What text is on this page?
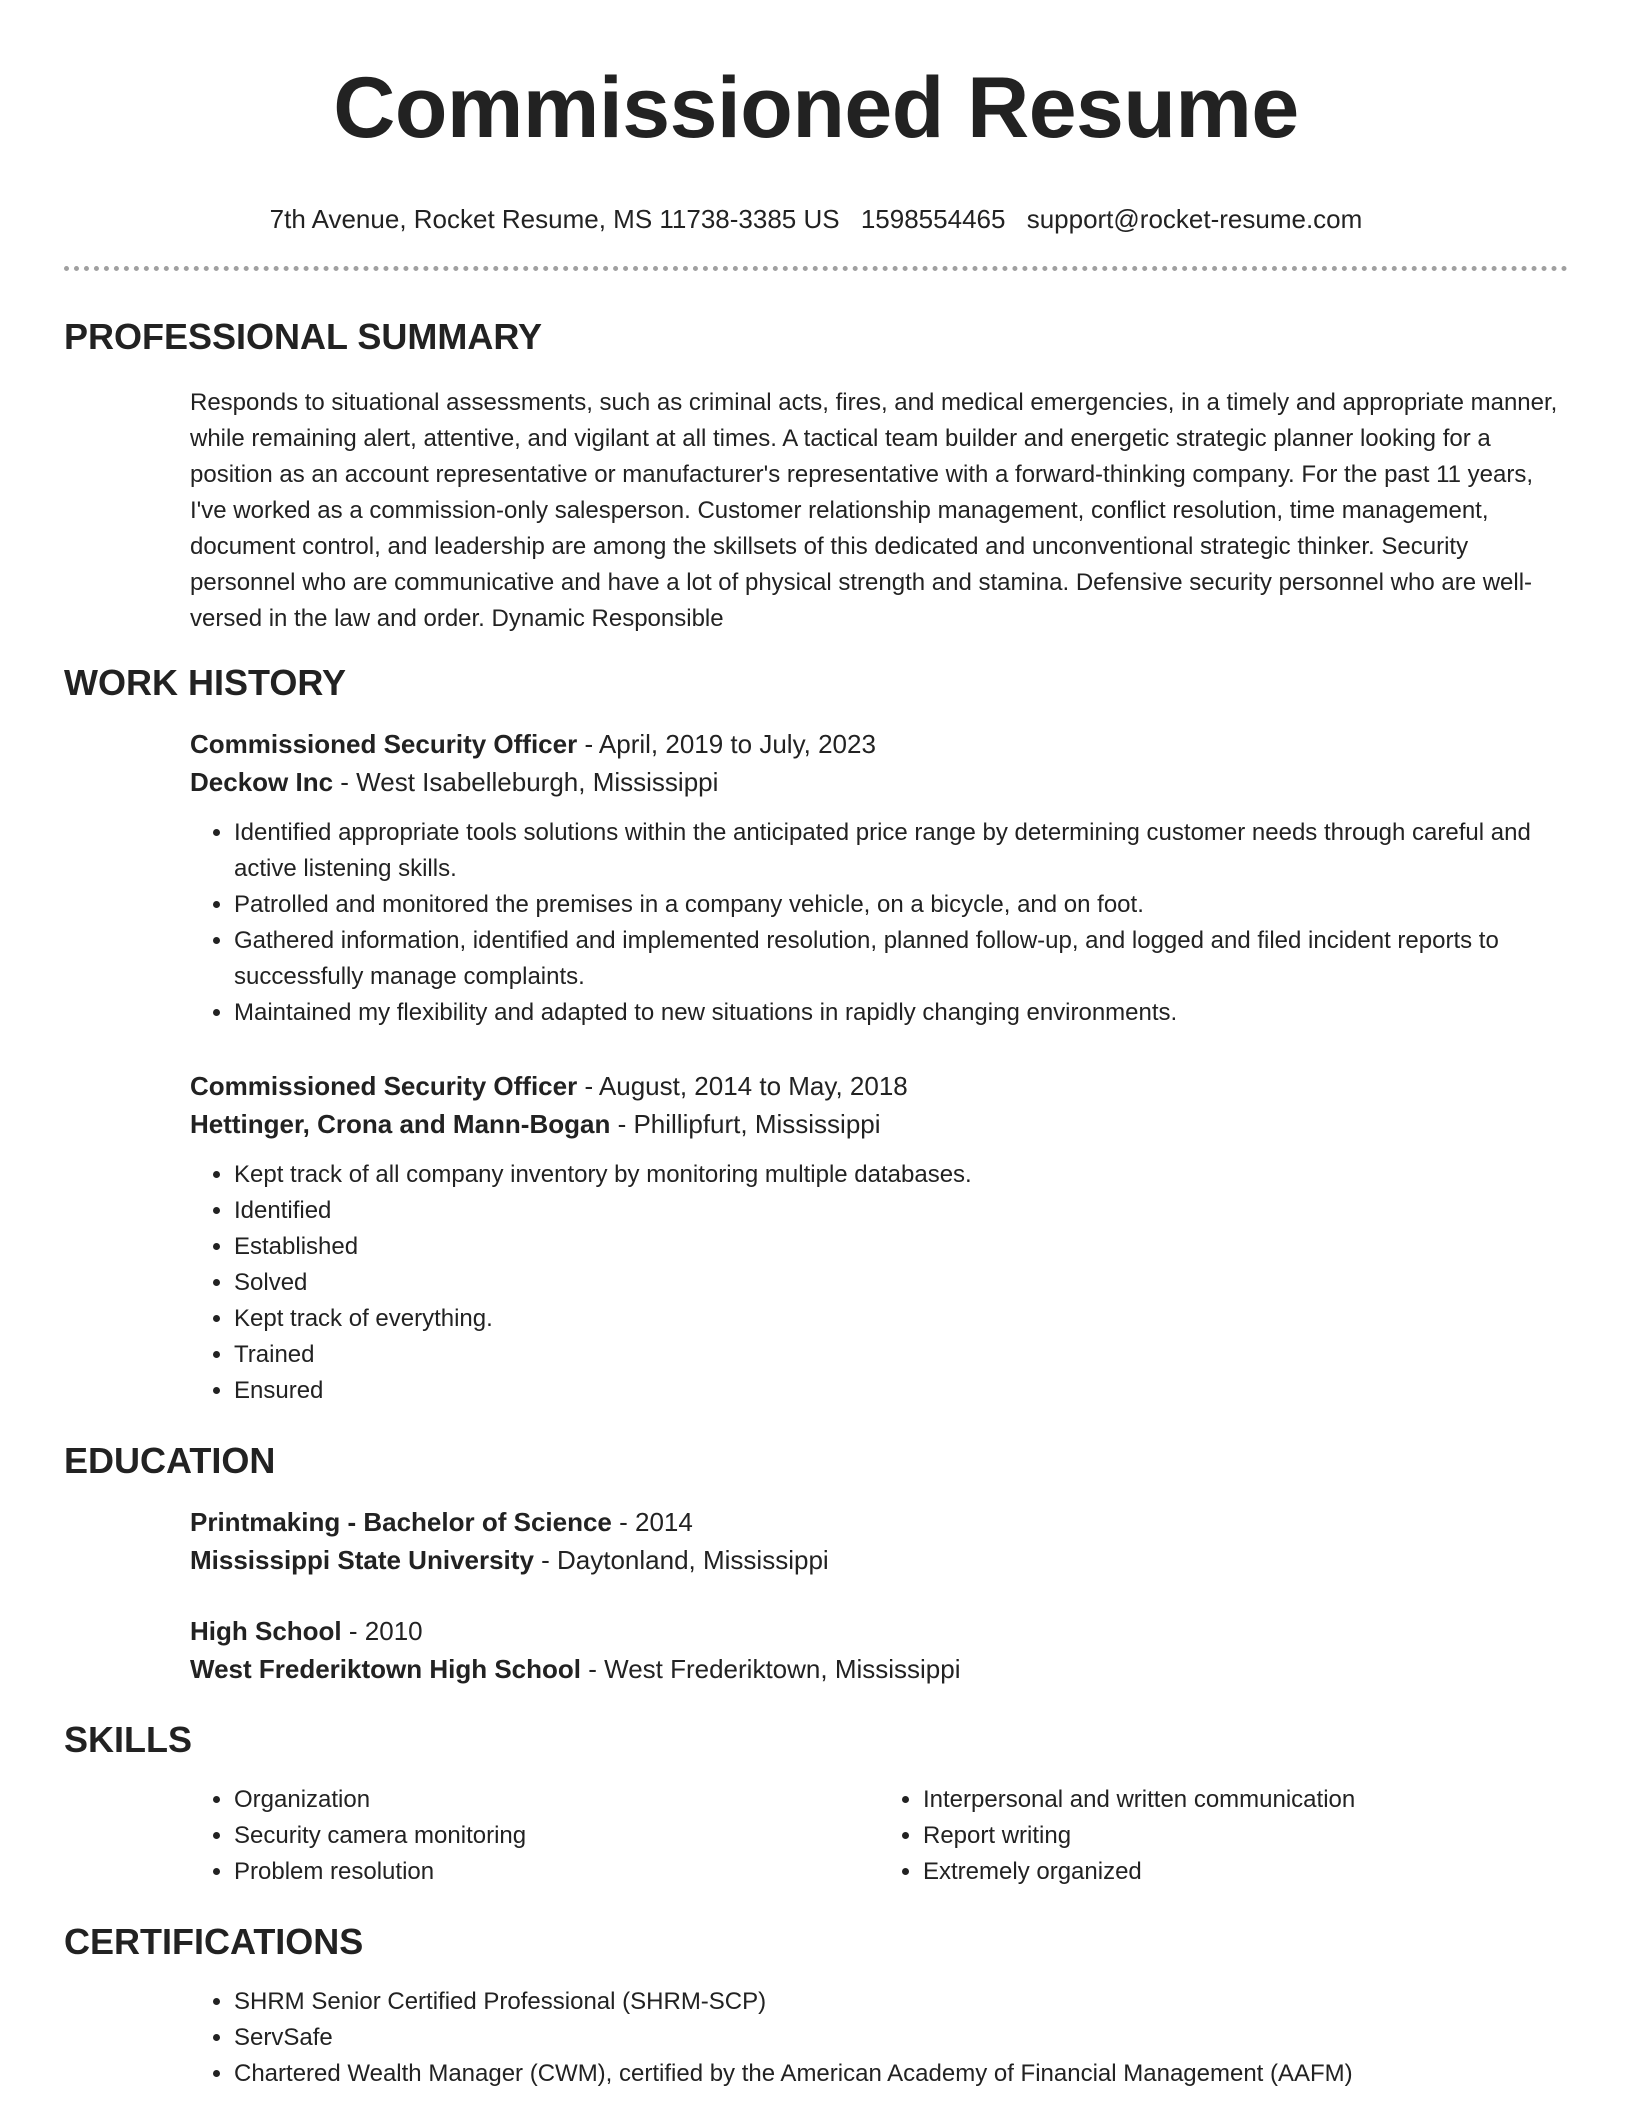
Commissioned Resume
7th Avenue, Rocket Resume, MS 11738-3385 US 1598554465 support@rocket-resume.com
PROFESSIONAL SUMMARY
Responds to situational assessments, such as criminal acts, fires, and medical emergencies, in a timely and appropriate manner, while remaining alert, attentive, and vigilant at all times. A tactical team builder and energetic strategic planner looking for a position as an account representative or manufacturer's representative with a forward-thinking company. For the past 11 years, I've worked as a commission-only salesperson. Customer relationship management, conflict resolution, time management, document control, and leadership are among the skillsets of this dedicated and unconventional strategic thinker. Security personnel who are communicative and have a lot of physical strength and stamina. Defensive security personnel who are well-versed in the law and order. Dynamic Responsible
WORK HISTORY
Commissioned Security Officer - April, 2019 to July, 2023
Deckow Inc - West Isabelleburgh, Mississippi
• Identified appropriate tools solutions within the anticipated price range by determining customer needs through careful and active listening skills.
• Patrolled and monitored the premises in a company vehicle, on a bicycle, and on foot.
• Gathered information, identified and implemented resolution, planned follow-up, and logged and filed incident reports to successfully manage complaints.
• Maintained my flexibility and adapted to new situations in rapidly changing environments.
Commissioned Security Officer - August, 2014 to May, 2018
Hettinger, Crona and Mann-Bogan - Phillipfurt, Mississippi
• Kept track of all company inventory by monitoring multiple databases.
• Identified
• Established
• Solved
• Kept track of everything.
• Trained
• Ensured
EDUCATION
Printmaking - Bachelor of Science - 2014
Mississippi State University - Daytonland, Mississippi
High School - 2010
West Frederiktown High School - West Frederiktown, Mississippi
SKILLS
• Organization
• Security camera monitoring
• Problem resolution
• Interpersonal and written communication
• Report writing
• Extremely organized
CERTIFICATIONS
• SHRM Senior Certified Professional (SHRM-SCP)
• ServSafe
• Chartered Wealth Manager (CWM), certified by the American Academy of Financial Management (AAFM)
